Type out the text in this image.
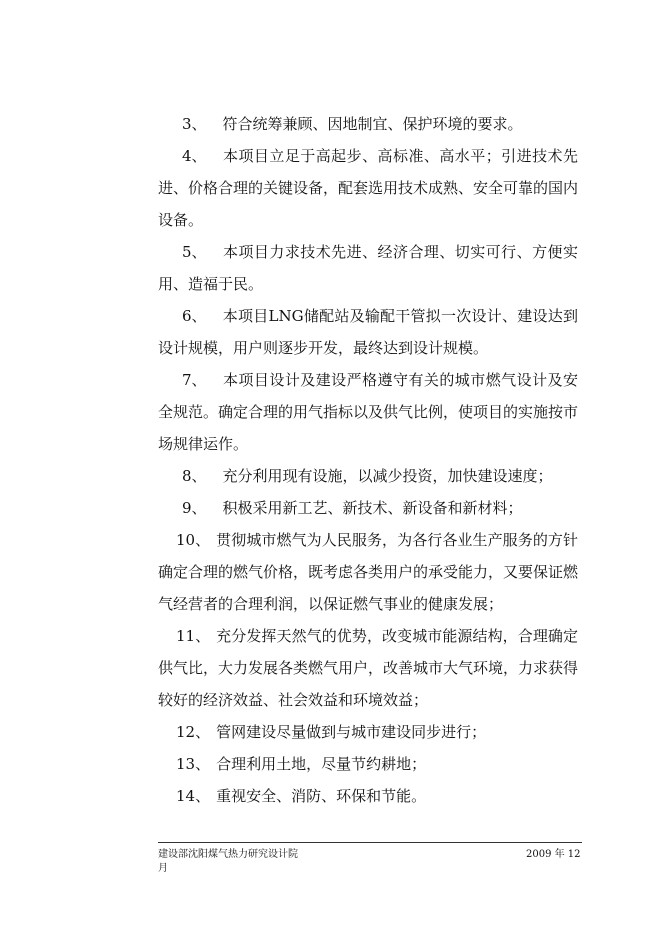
3、 符合统筹兼顾、因地制宜、保护环境的要求。

4、 本项目立足于高起步、高标准、高水平；引进技术先进、价格合理的关键设备，配套选用技术成熟、安全可靠的国内设备。

5、 本项目力求技术先进、经济合理、切实可行、方便实用、造福于民。

6、 本项目LNG储配站及输配干管拟一次设计、建设达到设计规模，用户则逐步开发，最终达到设计规模。

7、 本项目设计及建设严格遵守有关的城市燃气设计及安全规范。确定合理的用气指标以及供气比例，使项目的实施按市场规律运作。

8、 充分利用现有设施，以减少投资，加快建设速度；

9、 积极采用新工艺、新技术、新设备和新材料；

10、 贯彻城市燃气为人民服务，为各行各业生产服务的方针确定合理的燃气价格，既考虑各类用户的承受能力，又要保证燃气经营者的合理利润，以保证燃气事业的健康发展；

11、 充分发挥天然气的优势，改变城市能源结构，合理确定供气比，大力发展各类燃气用户，改善城市大气环境，力求获得较好的经济效益、社会效益和环境效益；

12、 管网建设尽量做到与城市建设同步进行；

13、 合理利用土地，尽量节约耕地；

14、 重视安全、消防、环保和节能。

建设部沈阳煤气热力研究设计院
月
2009 年 12
